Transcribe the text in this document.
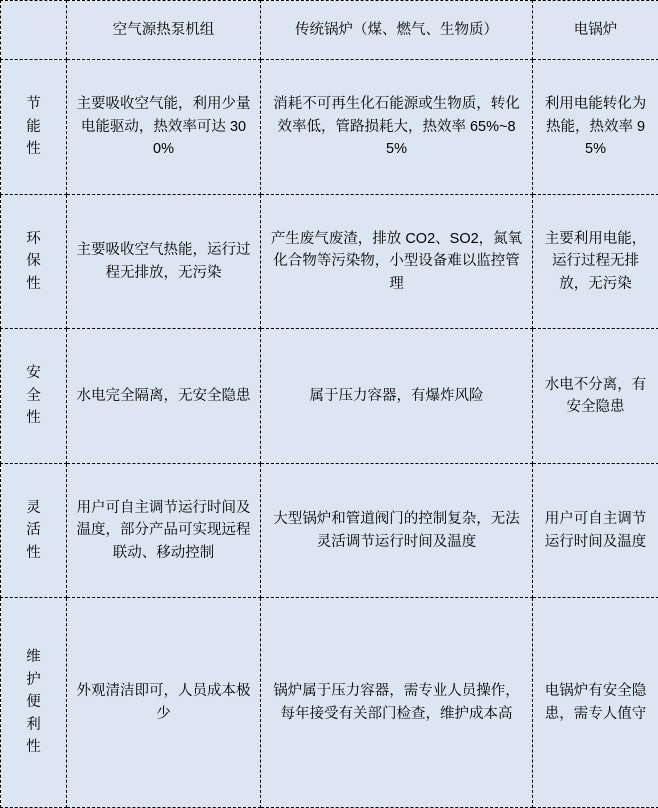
	空气源热泵机组	传统锅炉（煤、燃气、生物质）	电锅炉
节能性	主要吸收空气能，利用少量电能驱动，热效率可达 300%	消耗不可再生化石能源或生物质，转化效率低，管路损耗大，热效率 65%~85%	利用电能转化为热能，热效率 95%
环保性	主要吸收空气热能，运行过程无排放，无污染	产生废气废渣，排放 CO2、SO2，氮氧化合物等污染物，小型设备难以监控管理	主要利用电能，运行过程无排放，无污染
安全性	水电完全隔离，无安全隐患	属于压力容器，有爆炸风险	水电不分离，有安全隐患
灵活性	用户可自主调节运行时间及温度，部分产品可实现远程联动、移动控制	大型锅炉和管道阀门的控制复杂，无法灵活调节运行时间及温度	用户可自主调节运行时间及温度
维护便利性	外观清洁即可，人员成本极少	锅炉属于压力容器，需专业人员操作，每年接受有关部门检查，维护成本高	电锅炉有安全隐患，需专人值守
